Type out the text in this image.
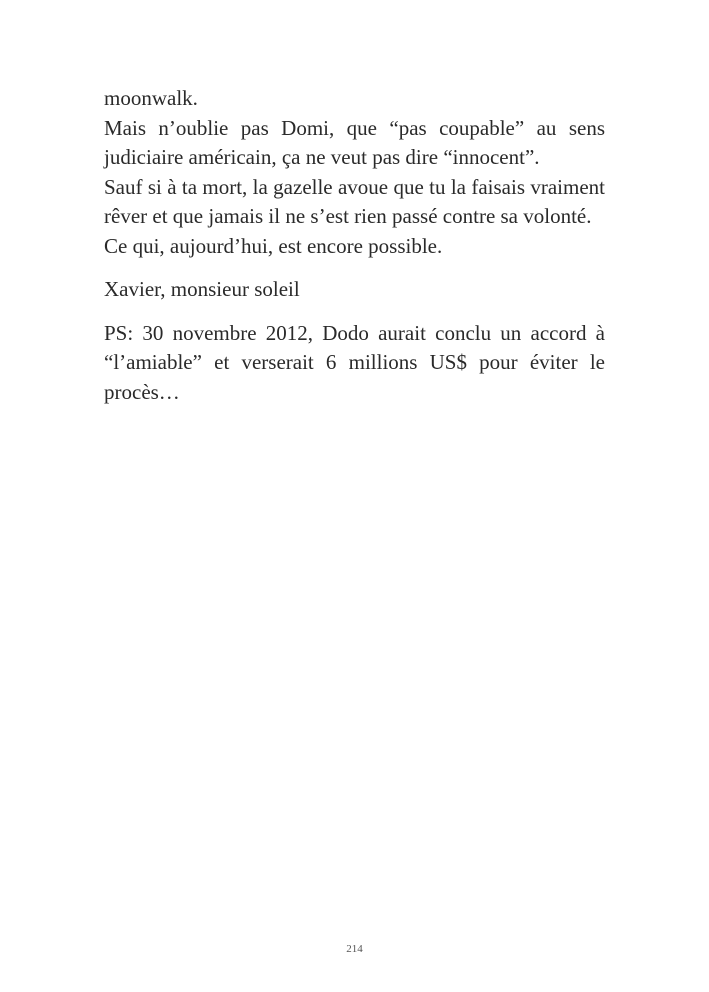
moonwalk.

Mais n’oublie pas Domi, que “pas coupable” au sens judiciaire américain, ça ne veut pas dire “innocent”.

Sauf si à ta mort, la gazelle avoue que tu la faisais vraiment rêver et que jamais il ne s’est rien passé contre sa volonté.

Ce qui, aujourd’hui, est encore possible.

Xavier, monsieur soleil

PS: 30 novembre 2012, Dodo aurait conclu un accord à “l’amiable” et verserait 6 millions US$ pour éviter le procès…

214
